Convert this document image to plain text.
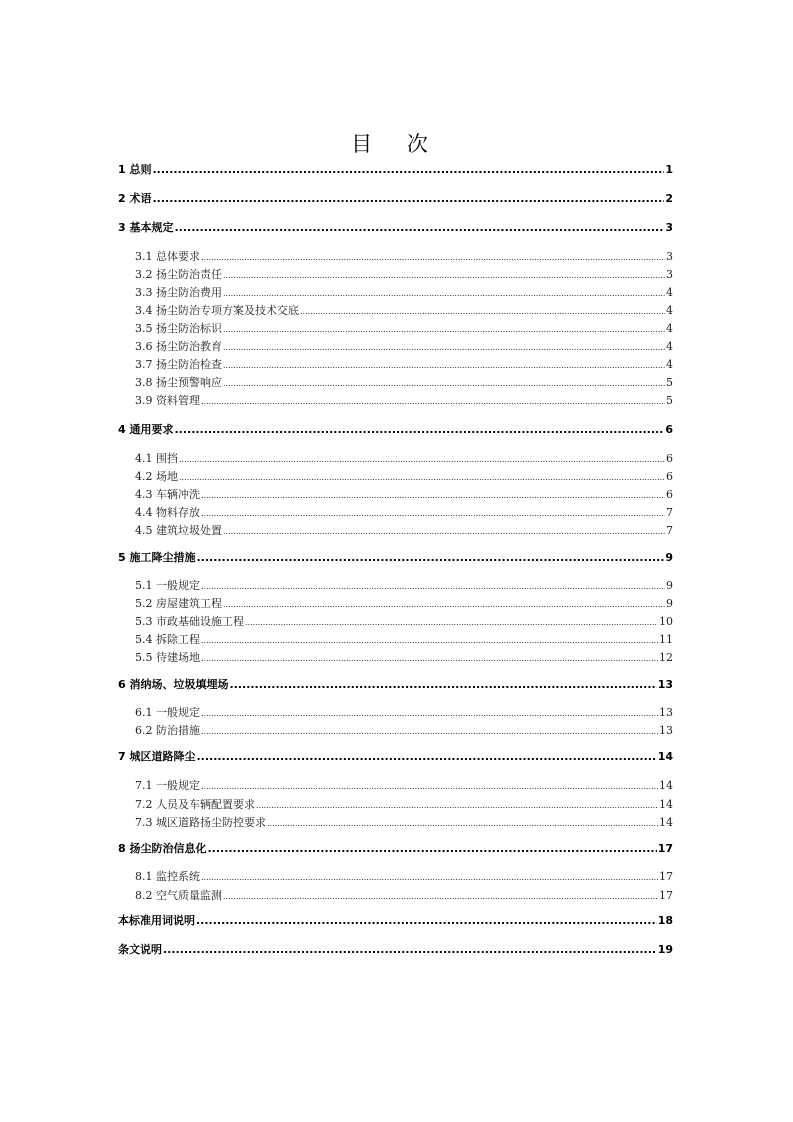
目 次
1 总则 .....	1
2 术语 .....	2
3 基本规定 .....	3
3.1 总体要求 .....	3
3.2 扬尘防治责任 .....	3
3.3 扬尘防治费用 .....	4
3.4 扬尘防治专项方案及技术交底 .....	4
3.5 扬尘防治标识 .....	4
3.6 扬尘防治教育 .....	4
3.7 扬尘防治检查 .....	4
3.8 扬尘预警响应 .....	5
3.9 资料管理 .....	5
4 通用要求 .....	6
4.1 围挡 .....	6
4.2 场地 .....	6
4.3 车辆冲洗 .....	6
4.4 物料存放 .....	7
4.5 建筑垃圾处置 .....	7
5 施工降尘措施 .....	9
5.1 一般规定 .....	9
5.2 房屋建筑工程 .....	9
5.3 市政基础设施工程 .....	10
5.4 拆除工程 .....	11
5.5 待建场地 .....	12
6 消纳场、垃圾填埋场 .....	13
6.1 一般规定 .....	13
6.2 防治措施 .....	13
7 城区道路降尘 .....	14
7.1 一般规定 .....	14
7.2 人员及车辆配置要求 .....	14
7.3 城区道路扬尘防控要求 .....	14
8 扬尘防治信息化 .....	17
8.1 监控系统 .....	17
8.2 空气质量监测 .....	17
本标准用词说明 .....	18
条文说明 .....	19
